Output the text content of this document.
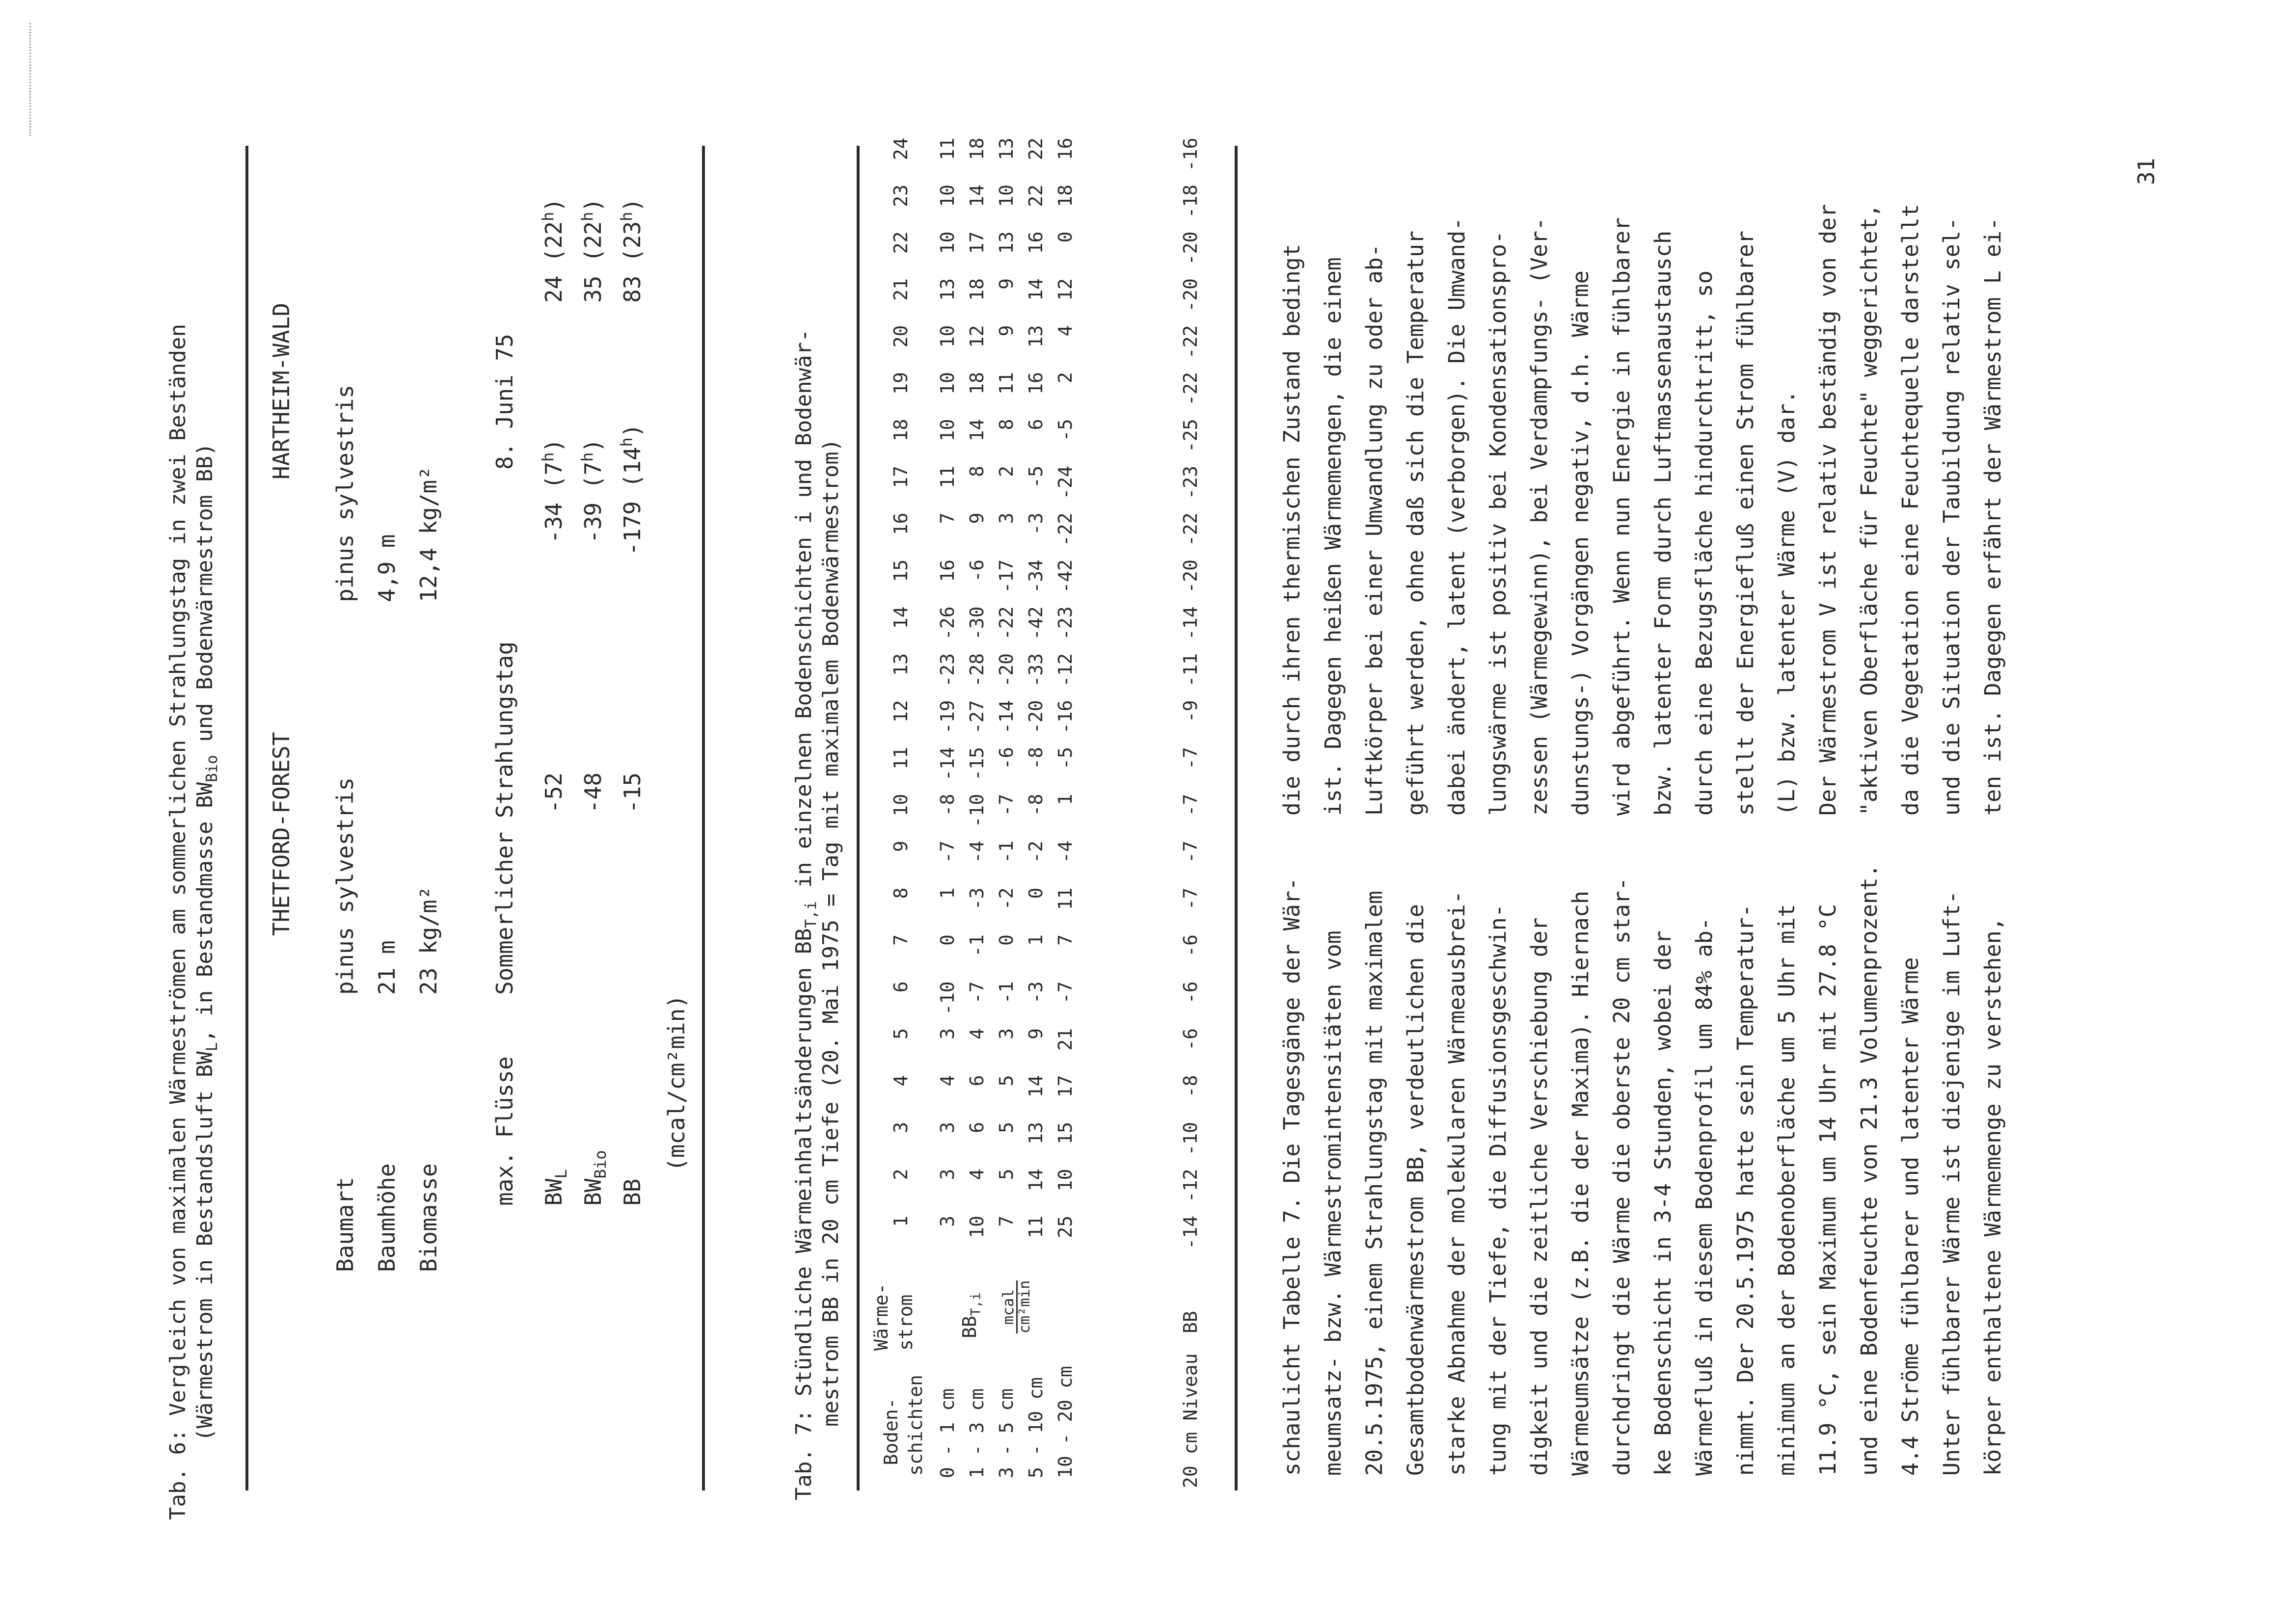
31
Tab. 6: Vergleich von maximalen Wärmeströmen am sommerlichen Strahlungstag in zwei Beständen (Wärmestrom in Bestandsluft $BW_L$, in Bestandmasse $BW_{Bio}$ und Bodenwärmestrom BB)
THETFORD-FOREST
HARTHEIM-WALD
Baumart
pinus sylvestris
pinus sylvestris
Baumhöhe
21 m
4,9 m
Biomasse
23 kg/m²
12,4 kg/m²
max. Flüsse
Sommerlicher Strahlungstag
8. Juni 75
$BW_L$
-52
-34 (7$^h$)
24 (22$^h$)
$BW_{Bio}$
-48
-39 (7$^h$)
35 (22$^h$)
BB
-15
-179 (14$^h$)
83 (23$^h$)
(mcal/cm²min)	Tab. 7: Stündliche Wärmeinhaltsänderungen $BB_{T,i}$ in einzelnen Bodenschichten i und Bodenwär- mestrom BB in 20 cm Tiefe (20. Mai 1975 = Tag mit maximalem Bodenwärmestrom)
Boden- schichten
Wärme- strom
1
2
3
4
5
6
7
8
9
10
11
12
13
14
15
16
17
18
19
20
21
22
23
24
$BB_{T,i}$ mcal
cm²min
0 - 1 cm
3
3
3
4
3
-10
0
1
-7
-8
-14
-19
-23
-26
16
7
11
10
10
10
13
10
10
11
1 - 3 cm
10
4
6
6
4
-7
-1
-3
-4
-10
-15
-27
-28
-30
-6
9
8
14
18
12
18
17
14
18
3 - 5 cm
7
5
5
5
3
-1
0
-2
-1
-7
-6
-14
-20
-22
-17
3
2
8
11
9
9
13
10
13
5 - 10 cm
11
14
13
14
9
-3
1
0
-2
-8
-8
-20
-33
-42
-34
-3
-5
6
16
13
14
16
22
22
10 - 20 cm
25
10
15
17
21
-7
7
11
-4
1
-5
-16
-12
-23
-42
-22
-24
-5
2
4
12
0
18
16
20 cm Niveau
BB
-14
-12
-10
-8
-6
-6
-6
-7
-7
-7
-7
-9
-11
-14
-20
-22
-23
-25
-22
-22
-20
-20
-18
-16
schaulicht Tabelle 7. Die Tagesgänge der Wär- meumsatz- bzw. Wärmestromintensitäten vom 20.5.1975, einem Strahlungstag mit maximalem Gesamtbodenwärmestrom BB, verdeutlichen die starke Abnahme der molekularen Wärmeausbrei- tung mit der Tiefe, die Diffusionsgeschwin- digkeit und die zeitliche Verschiebung der Wärmeumsätze (z.B. die der Maxima). Hiernach durchdringt die Wärme die oberste 20 cm star- ke Bodenschicht in 3-4 Stunden, wobei der Wärmefluß in diesem Bodenprofil um 84% ab- nimmt. Der 20.5.1975 hatte sein Temperatur- minimum an der Bodenoberfläche um 5 Uhr mit 11.9 °C, sein Maximum um 14 Uhr mit 27.8 °C und eine Bodenfeuchte von 21.3 Volumenprozent. 4.4 Ströme fühlbarer und latenter Wärme Unter fühlbarer Wärme ist diejenige im Luft- körper enthaltene Wärmemenge zu verstehen,
die durch ihren thermischen Zustand bedingt ist. Dagegen heißen Wärmemengen, die einem Luftkörper bei einer Umwandlung zu oder ab- geführt werden, ohne daß sich die Temperatur dabei ändert, latent (verborgen). Die Umwand- lungswärme ist positiv bei Kondensationspro- zessen (Wärmegewinn), bei Verdampfungs- (Ver- dunstungs-) Vorgängen negativ, d.h. Wärme wird abgeführt. Wenn nun Energie in fühlbarer bzw. latenter Form durch Luftmassenaustausch durch eine Bezugsfläche hindurchtritt, so stellt der Energiefluß einen Strom fühlbarer (L) bzw. latenter Wärme (V) dar. Der Wärmestrom V ist relativ beständig von der "aktiven Oberfläche für Feuchte" weggerichtet, da die Vegetation eine Feuchtequelle darstellt und die Situation der Taubildung relativ sel- ten ist. Dagegen erfährt der Wärmestrom L ei-
